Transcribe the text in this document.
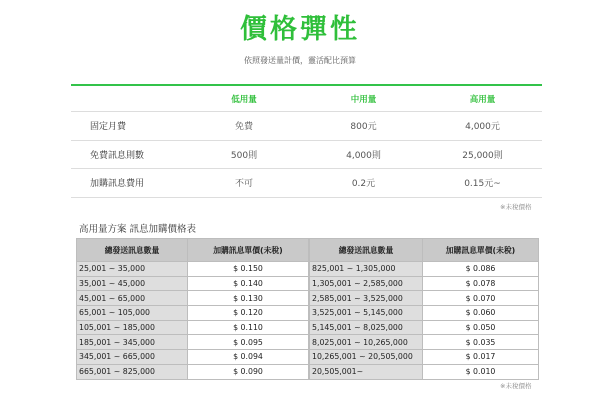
價格彈性
依照發送量計價，靈活配比預算
	低用量	中用量	高用量
固定月費	免費	800元	4,000元
免費訊息則數	500則	4,000則	25,000則
加購訊息費用	不可	0.2元	0.15元~
※未稅價格
高用量方案 訊息加購價格表
總發送訊息數量	加購訊息單價(未稅)
25,001 ~ 35,000	$ 0.150
35,001 ~ 45,000	$ 0.140
45,001 ~ 65,000	$ 0.130
65,001 ~ 105,000	$ 0.120
105,001 ~ 185,000	$ 0.110
185,001 ~ 345,000	$ 0.095
345,001 ~ 665,000	$ 0.094
665,001 ~ 825,000	$ 0.090
總發送訊息數量	加購訊息單價(未稅)
825,001 ~ 1,305,000	$ 0.086
1,305,001 ~ 2,585,000	$ 0.078
2,585,001 ~ 3,525,000	$ 0.070
3,525,001 ~ 5,145,000	$ 0.060
5,145,001 ~ 8,025,000	$ 0.050
8,025,001 ~ 10,265,000	$ 0.035
10,265,001 ~ 20,505,000	$ 0.017
20,505,001~	$ 0.010
※未稅價格
